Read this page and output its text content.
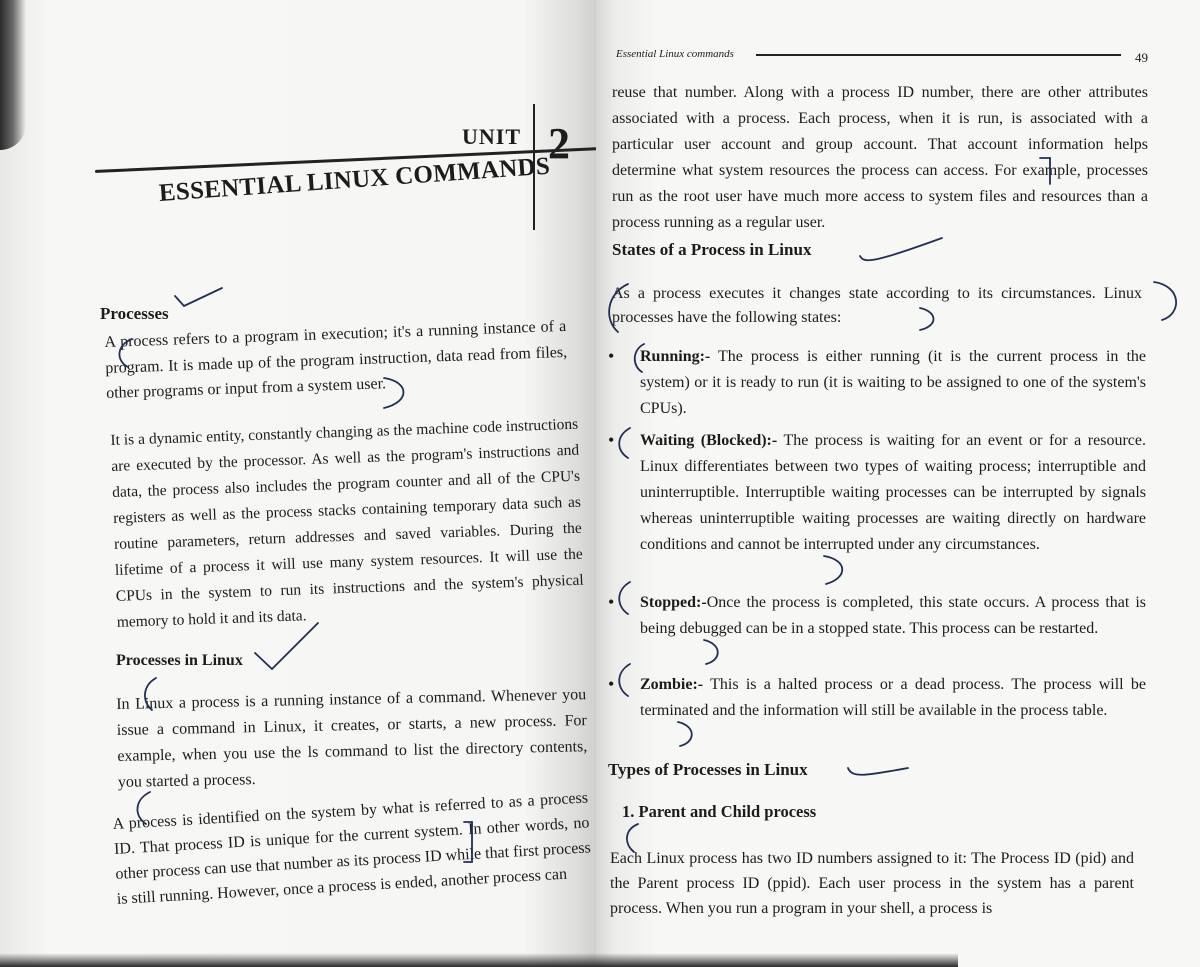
UNIT 2
ESSENTIAL LINUX COMMANDS
Processes
A process refers to a program in execution; it's a running instance of a program. It is made up of the program instruction, data read from files, other programs or input from a system user.
It is a dynamic entity, constantly changing as the machine code instructions are executed by the processor. As well as the program's instructions and data, the process also includes the program counter and all of the CPU's registers as well as the process stacks containing temporary data such as routine parameters, return addresses and saved variables. During the lifetime of a process it will use many system resources. It will use the CPUs in the system to run its instructions and the system's physical memory to hold it and its data.
Processes in Linux
In Linux a process is a running instance of a command. Whenever you issue a command in Linux, it creates, or starts, a new process. For example, when you use the ls command to list the directory contents, you started a process.
A process is identified on the system by what is referred to as a process ID. That process ID is unique for the current system. In other words, no other process can use that number as its process ID while that first process is still running. However, once a process is ended, another process can
Essential Linux commands	49
reuse that number. Along with a process ID number, there are other attributes associated with a process. Each process, when it is run, is associated with a particular user account and group account. That account information helps determine what system resources the process can access. For example, processes run as the root user have much more access to system files and resources than a process running as a regular user.
States of a Process in Linux
As a process executes it changes state according to its circumstances. Linux processes have the following states:
• Running:- The process is either running (it is the current process in the system) or it is ready to run (it is waiting to be assigned to one of the system's CPUs).
• Waiting (Blocked):- The process is waiting for an event or for a resource. Linux differentiates between two types of waiting process; interruptible and uninterruptible. Interruptible waiting processes can be interrupted by signals whereas uninterruptible waiting processes are waiting directly on hardware conditions and cannot be interrupted under any circumstances.
• Stopped:-Once the process is completed, this state occurs. A process that is being debugged can be in a stopped state. This process can be restarted.
• Zombie:- This is a halted process or a dead process. The process will be terminated and the information will still be available in the process table.
Types of Processes in Linux
1. Parent and Child process
Each Linux process has two ID numbers assigned to it: The Process ID (pid) and the Parent process ID (ppid). Each user process in the system has a parent process. When you run a program in your shell, a process is
